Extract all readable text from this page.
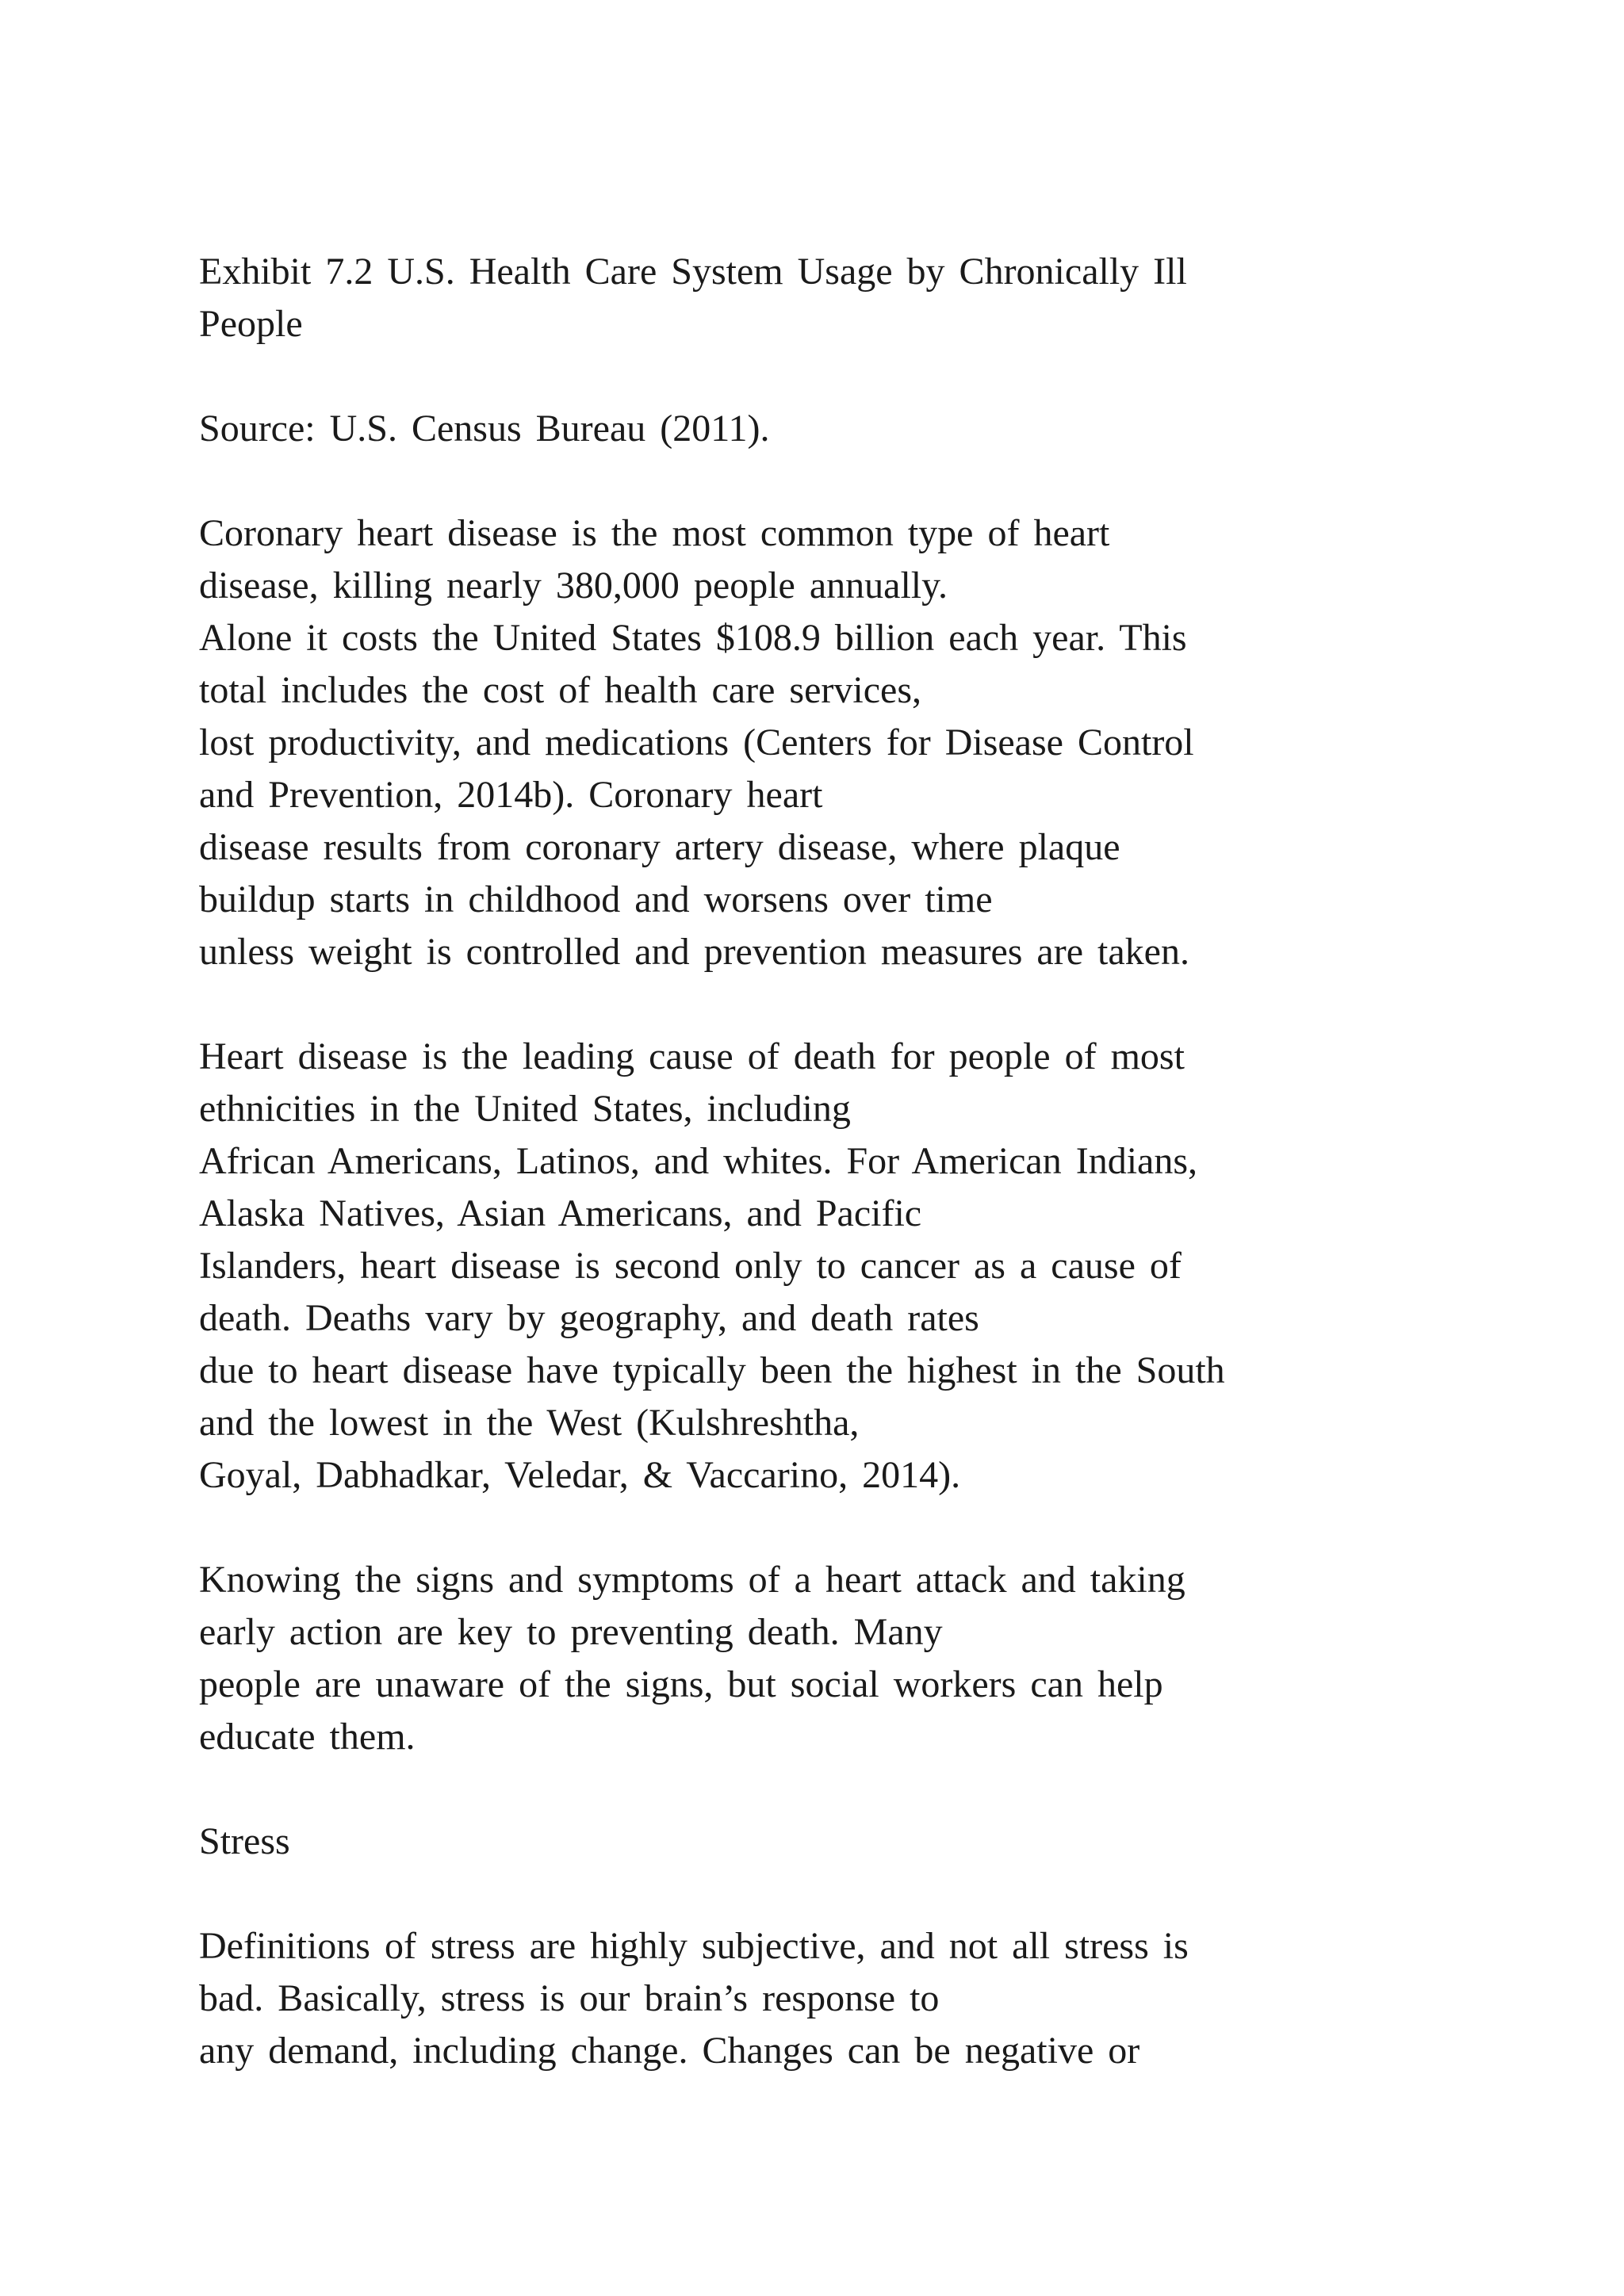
Exhibit 7.2 U.S. Health Care System Usage by Chronically Ill
People
Source: U.S. Census Bureau (2011).
Coronary heart disease is the most common type of heart
disease, killing nearly 380,000 people annually.
Alone it costs the United States $108.9 billion each year. This
total includes the cost of health care services,
lost productivity, and medications (Centers for Disease Control
and Prevention, 2014b). Coronary heart
disease results from coronary artery disease, where plaque
buildup starts in childhood and worsens over time
unless weight is controlled and prevention measures are taken.
Heart disease is the leading cause of death for people of most
ethnicities in the United States, including
African Americans, Latinos, and whites. For American Indians,
Alaska Natives, Asian Americans, and Pacific
Islanders, heart disease is second only to cancer as a cause of
death. Deaths vary by geography, and death rates
due to heart disease have typically been the highest in the South
and the lowest in the West (Kulshreshtha,
Goyal, Dabhadkar, Veledar, & Vaccarino, 2014).
Knowing the signs and symptoms of a heart attack and taking
early action are key to preventing death. Many
people are unaware of the signs, but social workers can help
educate them.
Stress
Definitions of stress are highly subjective, and not all stress is
bad. Basically, stress is our brain’s response to
any demand, including change. Changes can be negative or
